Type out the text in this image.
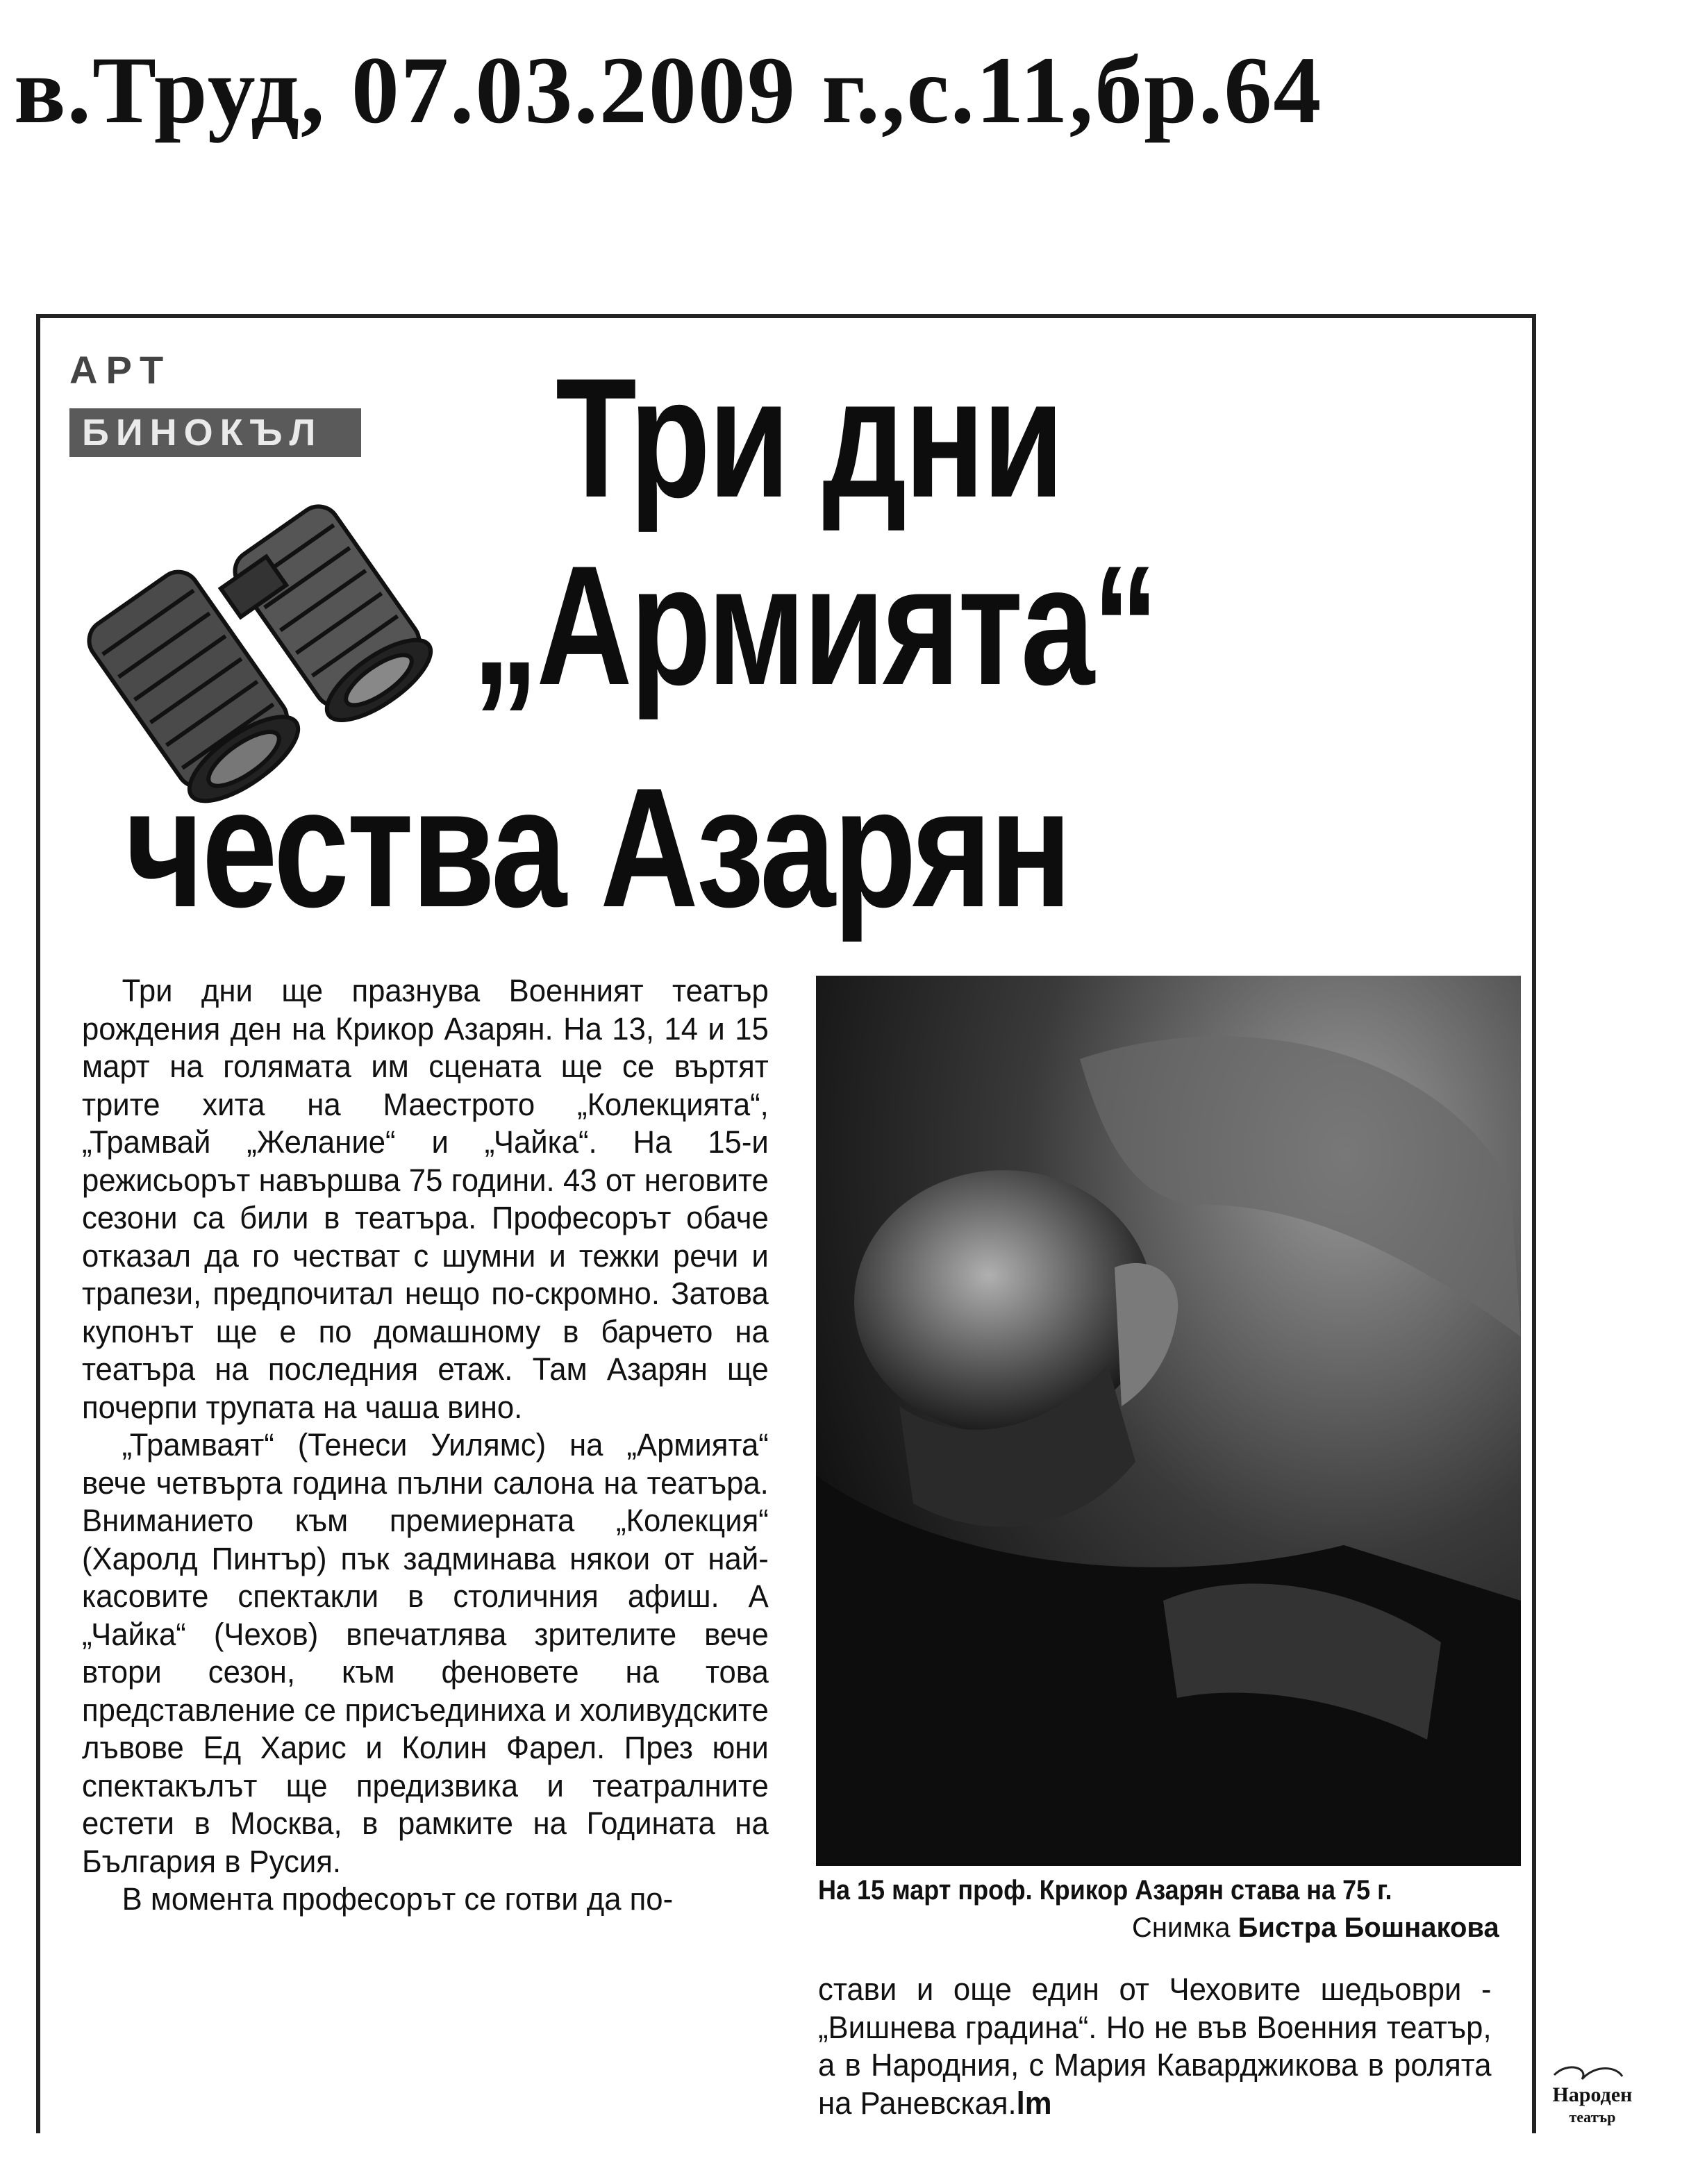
в.Труд, 07.03.2009 г.,с.11,бр.64
АРТ
БИНОКЪЛ Три дни
„Армията“
чества Азарян

Три дни ще празнува Военният театър рождения ден на Крикор Азарян. На 13, 14 и 15 март на голямата им сцената ще се въртят трите хита на Маестрото „Колекцията“, „Трамвай „Желание“ и „Чайка“. На 15-и режисьорът навършва 75 години. 43 от неговите сезони са били в театъра. Професорът обаче отказал да го честват с шумни и тежки речи и трапези, предпочитал нещо по-скромно. Затова купонът ще е по домашному в барчето на театъра на последния етаж. Там Азарян ще почерпи трупата на чаша вино.

„Трамваят“ (Тенеси Уилямс) на „Армията“ вече четвърта година пълни салона на театъра. Вниманието към премиерната „Колекция“ (Харолд Пинтър) пък задминава някои от най-касовите спектакли в столичния афиш. А „Чайка“ (Чехов) впечатлява зрителите вече втори сезон, към феновете на това представление се присъединиха и холивудските лъвове Ед Харис и Колин Фарел. През юни спектакълът ще предизвика и театралните естети в Москва, в рамките на Годината на България в Русия.

В момента професорът се готви да по-	На 15 март проф. Крикор Азарян става на 75 г.
Снимка Бистра Бошнакова

стави и още един от Чеховите шедьоври - „Вишнева градина“. Но не във Военния театър, а в Народния, с Мария Каварджикова в ролята на Раневская.lm	Народен
театър
